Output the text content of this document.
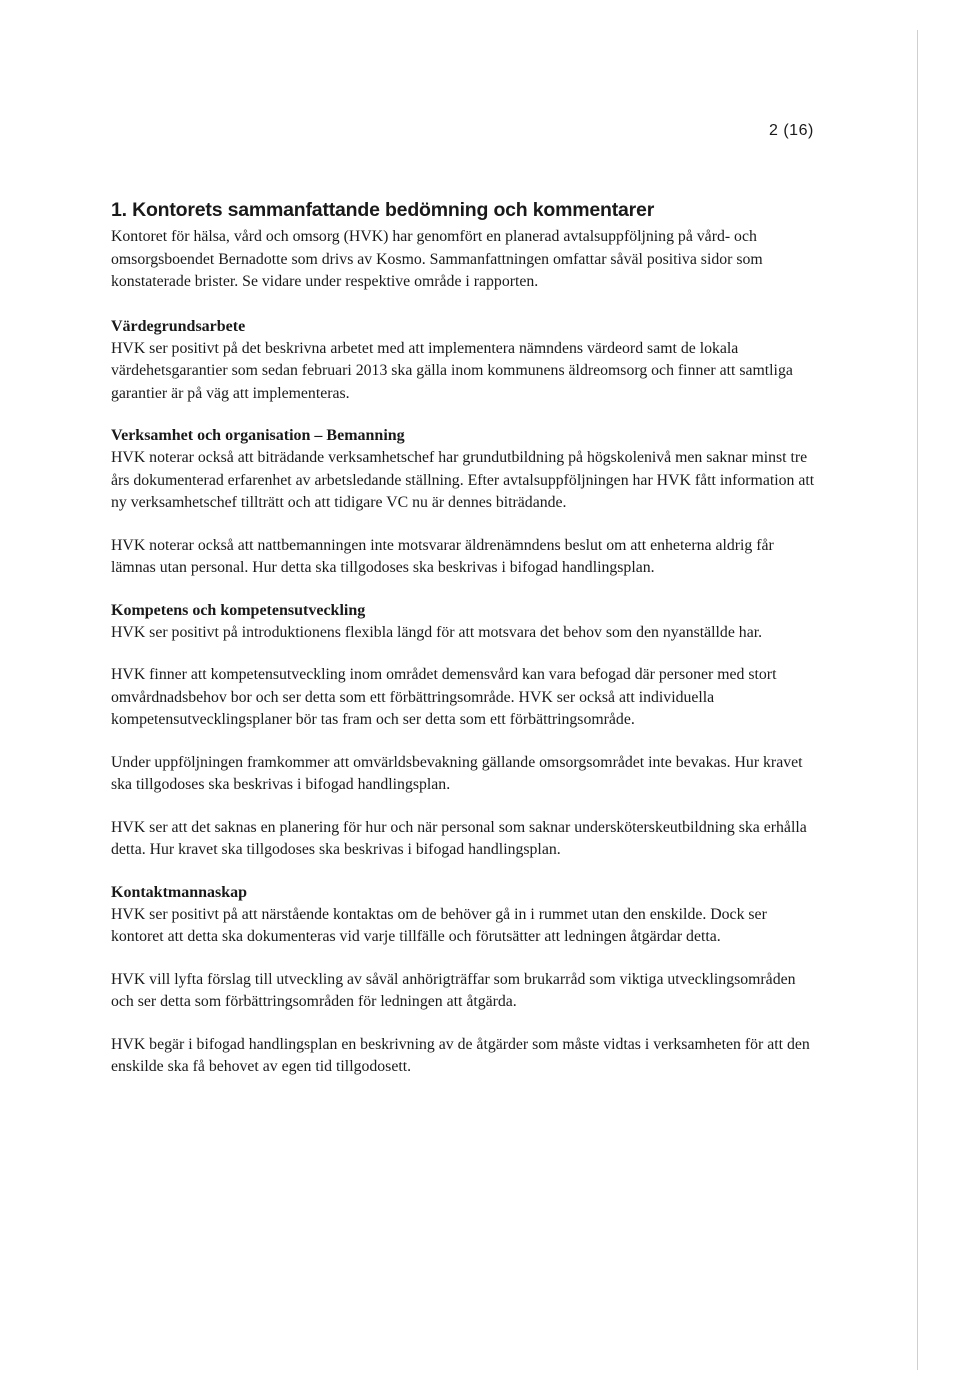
2 (16)
1. Kontorets sammanfattande bedömning och kommentarer

Kontoret för hälsa, vård och omsorg (HVK) har genomfört en planerad avtalsuppföljning på vård- och omsorgsboendet Bernadotte som drivs av Kosmo. Sammanfattningen omfattar såväl positiva sidor som konstaterade brister. Se vidare under respektive område i rapporten.

Värdegrundsarbete

HVK ser positivt på det beskrivna arbetet med att implementera nämndens värdeord samt de lokala värdehetsgarantier som sedan februari 2013 ska gälla inom kommunens äldreomsorg och finner att samtliga garantier är på väg att implementeras.

Verksamhet och organisation – Bemanning

HVK noterar också att biträdande verksamhetschef har grundutbildning på högskolenivå men saknar minst tre års dokumenterad erfarenhet av arbetsledande ställning. Efter avtalsuppföljningen har HVK fått information att ny verksamhetschef tillträtt och att tidigare VC nu är dennes biträdande.

HVK noterar också att nattbemanningen inte motsvarar äldrenämndens beslut om att enheterna aldrig får lämnas utan personal. Hur detta ska tillgodoses ska beskrivas i bifogad handlingsplan.

Kompetens och kompetensutveckling

HVK ser positivt på introduktionens flexibla längd för att motsvara det behov som den nyanställde har.

HVK finner att kompetensutveckling inom området demensvård kan vara befogad där personer med stort omvårdnadsbehov bor och ser detta som ett förbättringsområde. HVK ser också att individuella kompetensutvecklingsplaner bör tas fram och ser detta som ett förbättringsområde.

Under uppföljningen framkommer att omvärldsbevakning gällande omsorgsområdet inte bevakas. Hur kravet ska tillgodoses ska beskrivas i bifogad handlingsplan.

HVK ser att det saknas en planering för hur och när personal som saknar undersköterskeutbildning ska erhålla detta. Hur kravet ska tillgodoses ska beskrivas i bifogad handlingsplan.

Kontaktmannaskap

HVK ser positivt på att närstående kontaktas om de behöver gå in i rummet utan den enskilde. Dock ser kontoret att detta ska dokumenteras vid varje tillfälle och förutsätter att ledningen åtgärdar detta.

HVK vill lyfta förslag till utveckling av såväl anhörigträffar som brukarråd som viktiga utvecklingsområden och ser detta som förbättringsområden för ledningen att åtgärda.

HVK begär i bifogad handlingsplan en beskrivning av de åtgärder som måste vidtas i verksamheten för att den enskilde ska få behovet av egen tid tillgodosett.
